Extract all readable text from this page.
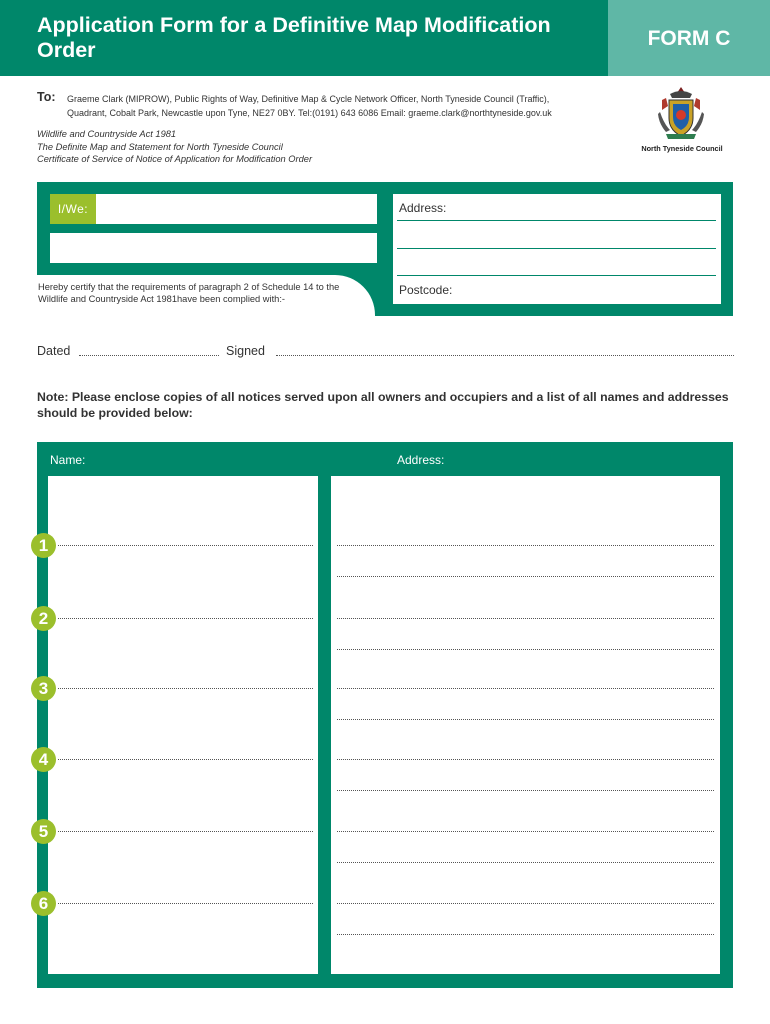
Application Form for a Definitive Map Modification Order	FORM C
To: Graeme Clark (MIPROW), Public Rights of Way, Definitive Map & Cycle Network Officer, North Tyneside Council (Traffic),
Quadrant, Cobalt Park, Newcastle upon Tyne, NE27 0BY. Tel:(0191) 643 6086 Email: graeme.clark@northtyneside.gov.uk
Wildlife and Countryside Act 1981
The Definite Map and Statement for North Tyneside Council
Certificate of Service of Notice of Application for Modification Order
North Tyneside Council
I/We:
Hereby certify that the requirements of paragraph 2 of Schedule 14 to the Wildlife and Countryside Act 1981have been complied with:-
Address:
Postcode:
Dated	Signed
Note: Please enclose copies of all notices served upon all owners and occupiers and a list of all names and addresses should be provided below:
Name:	Address:
1
2
3
4
5
6
